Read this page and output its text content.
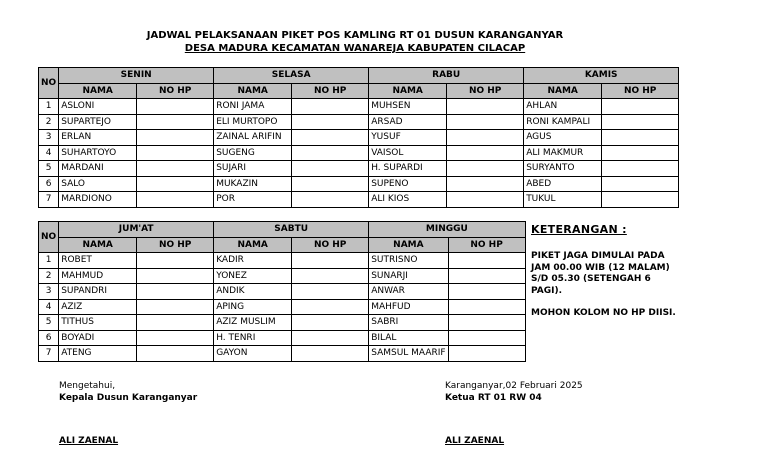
JADWAL PELAKSANAAN PIKET POS KAMLING RT 01 DUSUN KARANGANYAR
DESA MADURA KECAMATAN WANAREJA KABUPATEN CILACAP
NO	SENIN		SELASA		RABU		KAMIS	
	NAMA	NO HP	NAMA	NO HP	NAMA	NO HP	NAMA	NO HP
1	ASLONI		RONI JAMA		MUHSEN		AHLAN	
2	SUPARTEJO		ELI MURTOPO		ARSAD		RONI KAMPALI	
3	ERLAN		ZAINAL ARIFIN		YUSUF		AGUS	
4	SUHARTOYO		SUGENG		VAISOL		ALI MAKMUR	
5	MARDANI		SUJARI		H. SUPARDI		SURYANTO	
6	SALO		MUKAZIN		SUPENO		ABED	
7	MARDIONO		POR		ALI KIOS		TUKUL	
NO	JUM'AT		SABTU		MINGGU	
	NAMA	NO HP	NAMA	NO HP	NAMA	NO HP
1	ROBET		KADIR		SUTRISNO	
2	MAHMUD		YONEZ		SUNARJI	
3	SUPANDRI		ANDIK		ANWAR	
4	AZIZ		APING		MAHFUD	
5	TITHUS		AZIZ MUSLIM		SABRI	
6	BOYADI		H. TENRI		BILAL	
7	ATENG		GAYON		SAMSUL MAARIF	
KETERANGAN :

PIKET JAGA DIMULAI PADA JAM 00.00 WIB (12 MALAM) S/D 05.30 (SETENGAH 6 PAGI).

MOHON KOLOM NO HP DIISI.

Mengetahui,
Kepala Dusun Karanganyar
ALI ZAENAL
Karanganyar,02 Februari 2025
Ketua RT 01 RW 04
ALI ZAENAL
